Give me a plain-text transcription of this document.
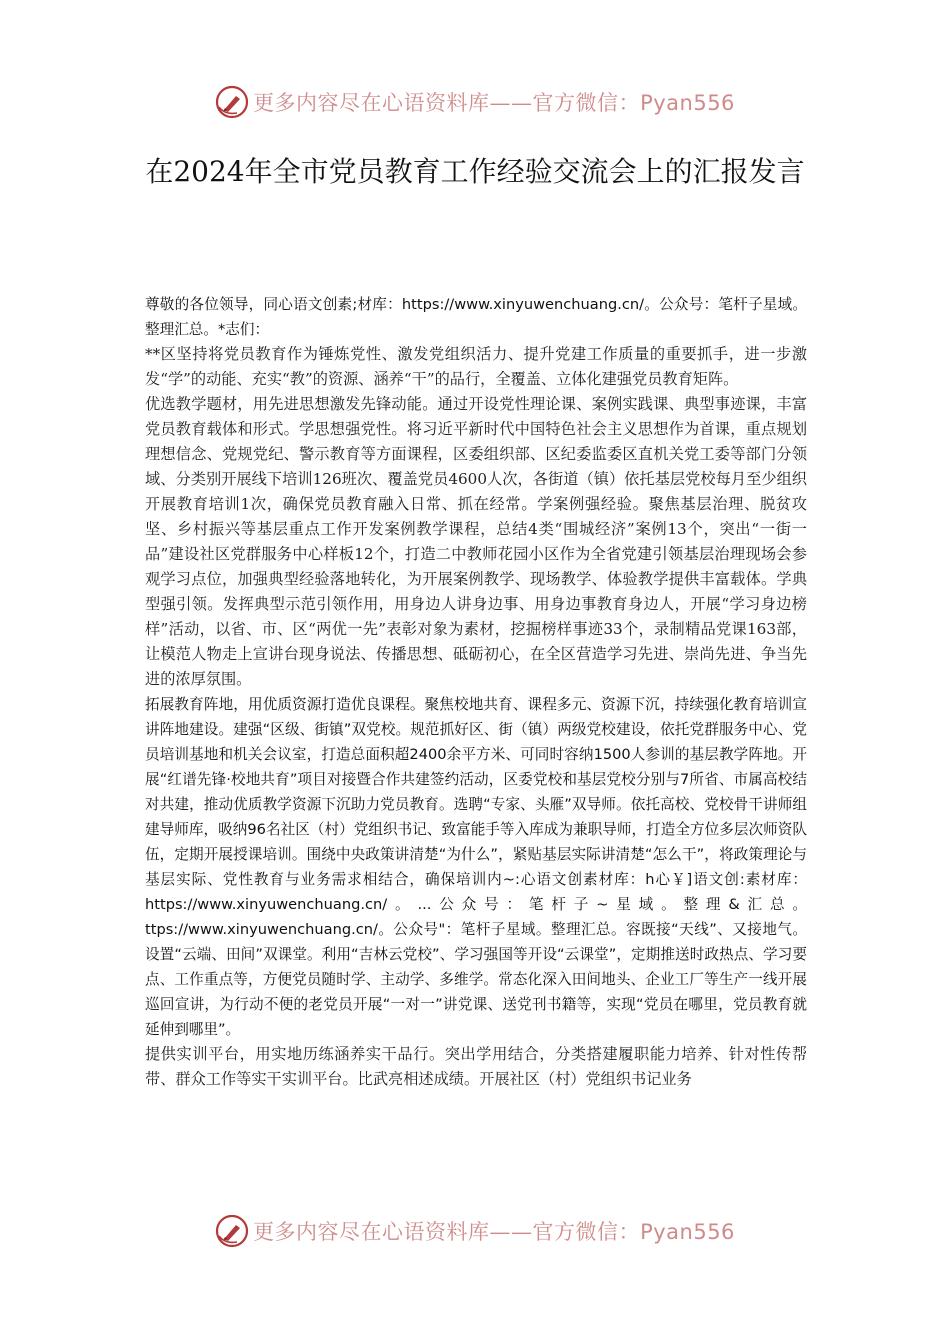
更多内容尽在心语资料库——官方微信：Pyan556
在2024年全市党员教育工作经验交流会上的汇报发言

尊敬的各位领导，同心语文创素;材库：https://www.xinyuwenchuang.cn/。公众号：笔杆子星域。整理汇总。*志们：

**区坚持将党员教育作为锤炼党性、激发党组织活力、提升党建工作质量的重要抓手，进一步激发“学”的动能、充实“教”的资源、涵养“干”的品行，全覆盖、立体化建强党员教育矩阵。

优选教学题材，用先进思想激发先锋动能。通过开设党性理论课、案例实践课、典型事迹课，丰富党员教育载体和形式。学思想强党性。将习近平新时代中国特色社会主义思想作为首课，重点规划理想信念、党规党纪、警示教育等方面课程，区委组织部、区纪委监委区直机关党工委等部门分领域、分类别开展线下培训126班次、覆盖党员4600人次，各街道（镇）依托基层党校每月至少组织开展教育培训1次，确保党员教育融入日常、抓在经常。学案例强经验。聚焦基层治理、脱贫攻坚、乡村振兴等基层重点工作开发案例教学课程，总结4类“围城经济”案例13个，突出“一街一品”建设社区党群服务中心样板12个，打造二中教师花园小区作为全省党建引领基层治理现场会参观学习点位，加强典型经验落地转化，为开展案例教学、现场教学、体验教学提供丰富载体。学典型强引领。发挥典型示范引领作用，用身边人讲身边事、用身边事教育身边人，开展“学习身边榜样”活动，以省、市、区“两优一先”表彰对象为素材，挖掘榜样事迹33个，录制精品党课163部，让模范人物走上宣讲台现身说法、传播思想、砥砺初心，在全区营造学习先进、崇尚先进、争当先进的浓厚氛围。

拓展教育阵地，用优质资源打造优良课程。聚焦校地共育、课程多元、资源下沉，持续强化教育培训宣讲阵地建设。建强“区级、街镇”双党校。规范抓好区、街（镇）两级党校建设，依托党群服务中心、党员培训基地和机关会议室，打造总面积超2400余平方米、可同时容纳1500人参训的基层教学阵地。开展“红谱先锋·校地共育”项目对接暨合作共建签约活动，区委党校和基层党校分别与7所省、市属高校结对共建，推动优质教学资源下沉助力党员教育。选聘“专家、头雁”双导师。依托高校、党校骨干讲师组建导师库，吸纳96名社区（村）党组织书记、致富能手等入库成为兼职导师，打造全方位多层次师资队伍，定期开展授课培训。围绕中央政策讲清楚“为什么”，紧贴基层实际讲清楚“怎么干”，将政策理论与基层实际、党性教育与业务需求相结合，确保培训内~:心语文创素材库：h心￥]语文创:素材库：https://www.xinyuwenchuang.cn/。...公众号：笔杆子~星域。整理&汇总。ttps://www.xinyuwenchuang.cn/。公众号"：笔杆子星域。整理汇总。容既接“天线”、又接地气。设置“云端、田间”双课堂。利用“吉林云党校”、学习强国等开设“云课堂”，定期推送时政热点、学习要点、工作重点等，方便党员随时学、主动学、多维学。常态化深入田间地头、企业工厂等生产一线开展巡回宣讲，为行动不便的老党员开展“一对一”讲党课、送党刊书籍等，实现“党员在哪里，党员教育就延伸到哪里”。

提供实训平台，用实地历练涵养实干品行。突出学用结合，分类搭建履职能力培养、针对性传帮带、群众工作等实干实训平台。比武亮相述成绩。开展社区（村）党组织书记业务

更多内容尽在心语资料库——官方微信：Pyan556
